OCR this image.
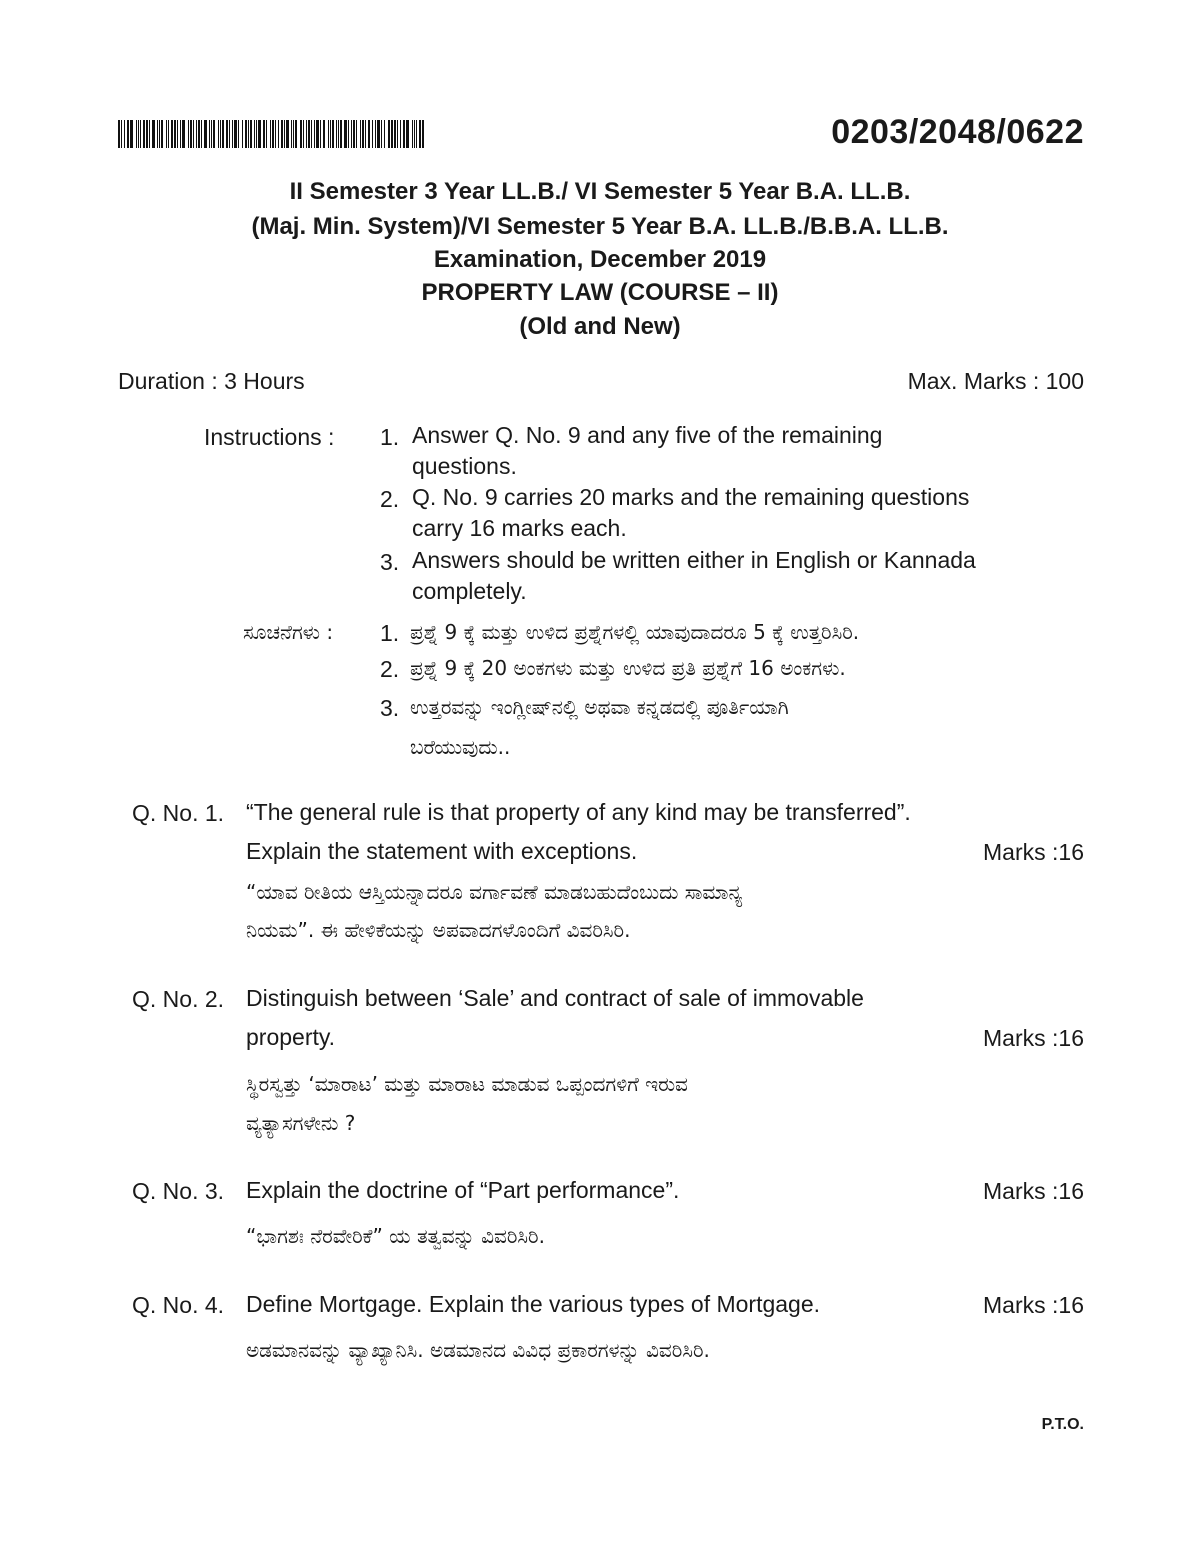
0203/2048/0622
II Semester 3 Year LL.B./ VI Semester 5 Year B.A. LL.B.
(Maj. Min. System)/VI Semester 5 Year B.A. LL.B./B.B.A. LL.B.
Examination, December 2019
PROPERTY LAW (COURSE – II)
(Old and New)
Duration : 3 Hours	Max. Marks : 100
Instructions : 1. Answer Q. No. 9 and any five of the remaining
questions.
2. Q. No. 9 carries 20 marks and the remaining questions
carry 16 marks each.
3. Answers should be written either in English or Kannada
completely.
ಸೂಚನೆಗಳು : 1. ಪ್ರಶ್ನೆ 9 ಕ್ಕೆ ಮತ್ತು ಉಳಿದ ಪ್ರಶ್ನೆಗಳಲ್ಲಿ ಯಾವುದಾದರೂ 5 ಕ್ಕೆ ಉತ್ತರಿಸಿರಿ.
2. ಪ್ರಶ್ನೆ 9 ಕ್ಕೆ 20 ಅಂಕಗಳು ಮತ್ತು ಉಳಿದ ಪ್ರತಿ ಪ್ರಶ್ನೆಗೆ 16 ಅಂಕಗಳು.
3. ಉತ್ತರವನ್ನು ಇಂಗ್ಲೀಷ್‌ನಲ್ಲಿ ಅಥವಾ ಕನ್ನಡದಲ್ಲಿ ಪೂರ್ತಿಯಾಗಿ
ಬರೆಯುವುದು..
Q. No. 1. “The general rule is that property of any kind may be transferred”.
Explain the statement with exceptions.	Marks :16
“ಯಾವ ರೀತಿಯ ಆಸ್ತಿಯನ್ನಾದರೂ ವರ್ಗಾವಣೆ ಮಾಡಬಹುದೆಂಬುದು ಸಾಮಾನ್ಯ
ನಿಯಮ”. ಈ ಹೇಳಿಕೆಯನ್ನು ಅಪವಾದಗಳೊಂದಿಗೆ ವಿವರಿಸಿರಿ.
Q. No. 2. Distinguish between ‘Sale’ and contract of sale of immovable
property.	Marks :16
ಸ್ಥಿರಸ್ವತ್ತು ‘ಮಾರಾಟ’ ಮತ್ತು ಮಾರಾಟ ಮಾಡುವ ಒಪ್ಪಂದಗಳಿಗೆ ಇರುವ
ವ್ಯತ್ಯಾಸಗಳೇನು ?
Q. No. 3. Explain the doctrine of “Part performance”.	Marks :16
“ಭಾಗಶಃ ನೆರವೇರಿಕೆ” ಯ ತತ್ವವನ್ನು ವಿವರಿಸಿರಿ.
Q. No. 4. Define Mortgage. Explain the various types of Mortgage.	Marks :16
ಅಡಮಾನವನ್ನು ವ್ಯಾಖ್ಯಾನಿಸಿ. ಅಡಮಾನದ ವಿವಿಧ ಪ್ರಕಾರಗಳನ್ನು ವಿವರಿಸಿರಿ.
P.T.O.
